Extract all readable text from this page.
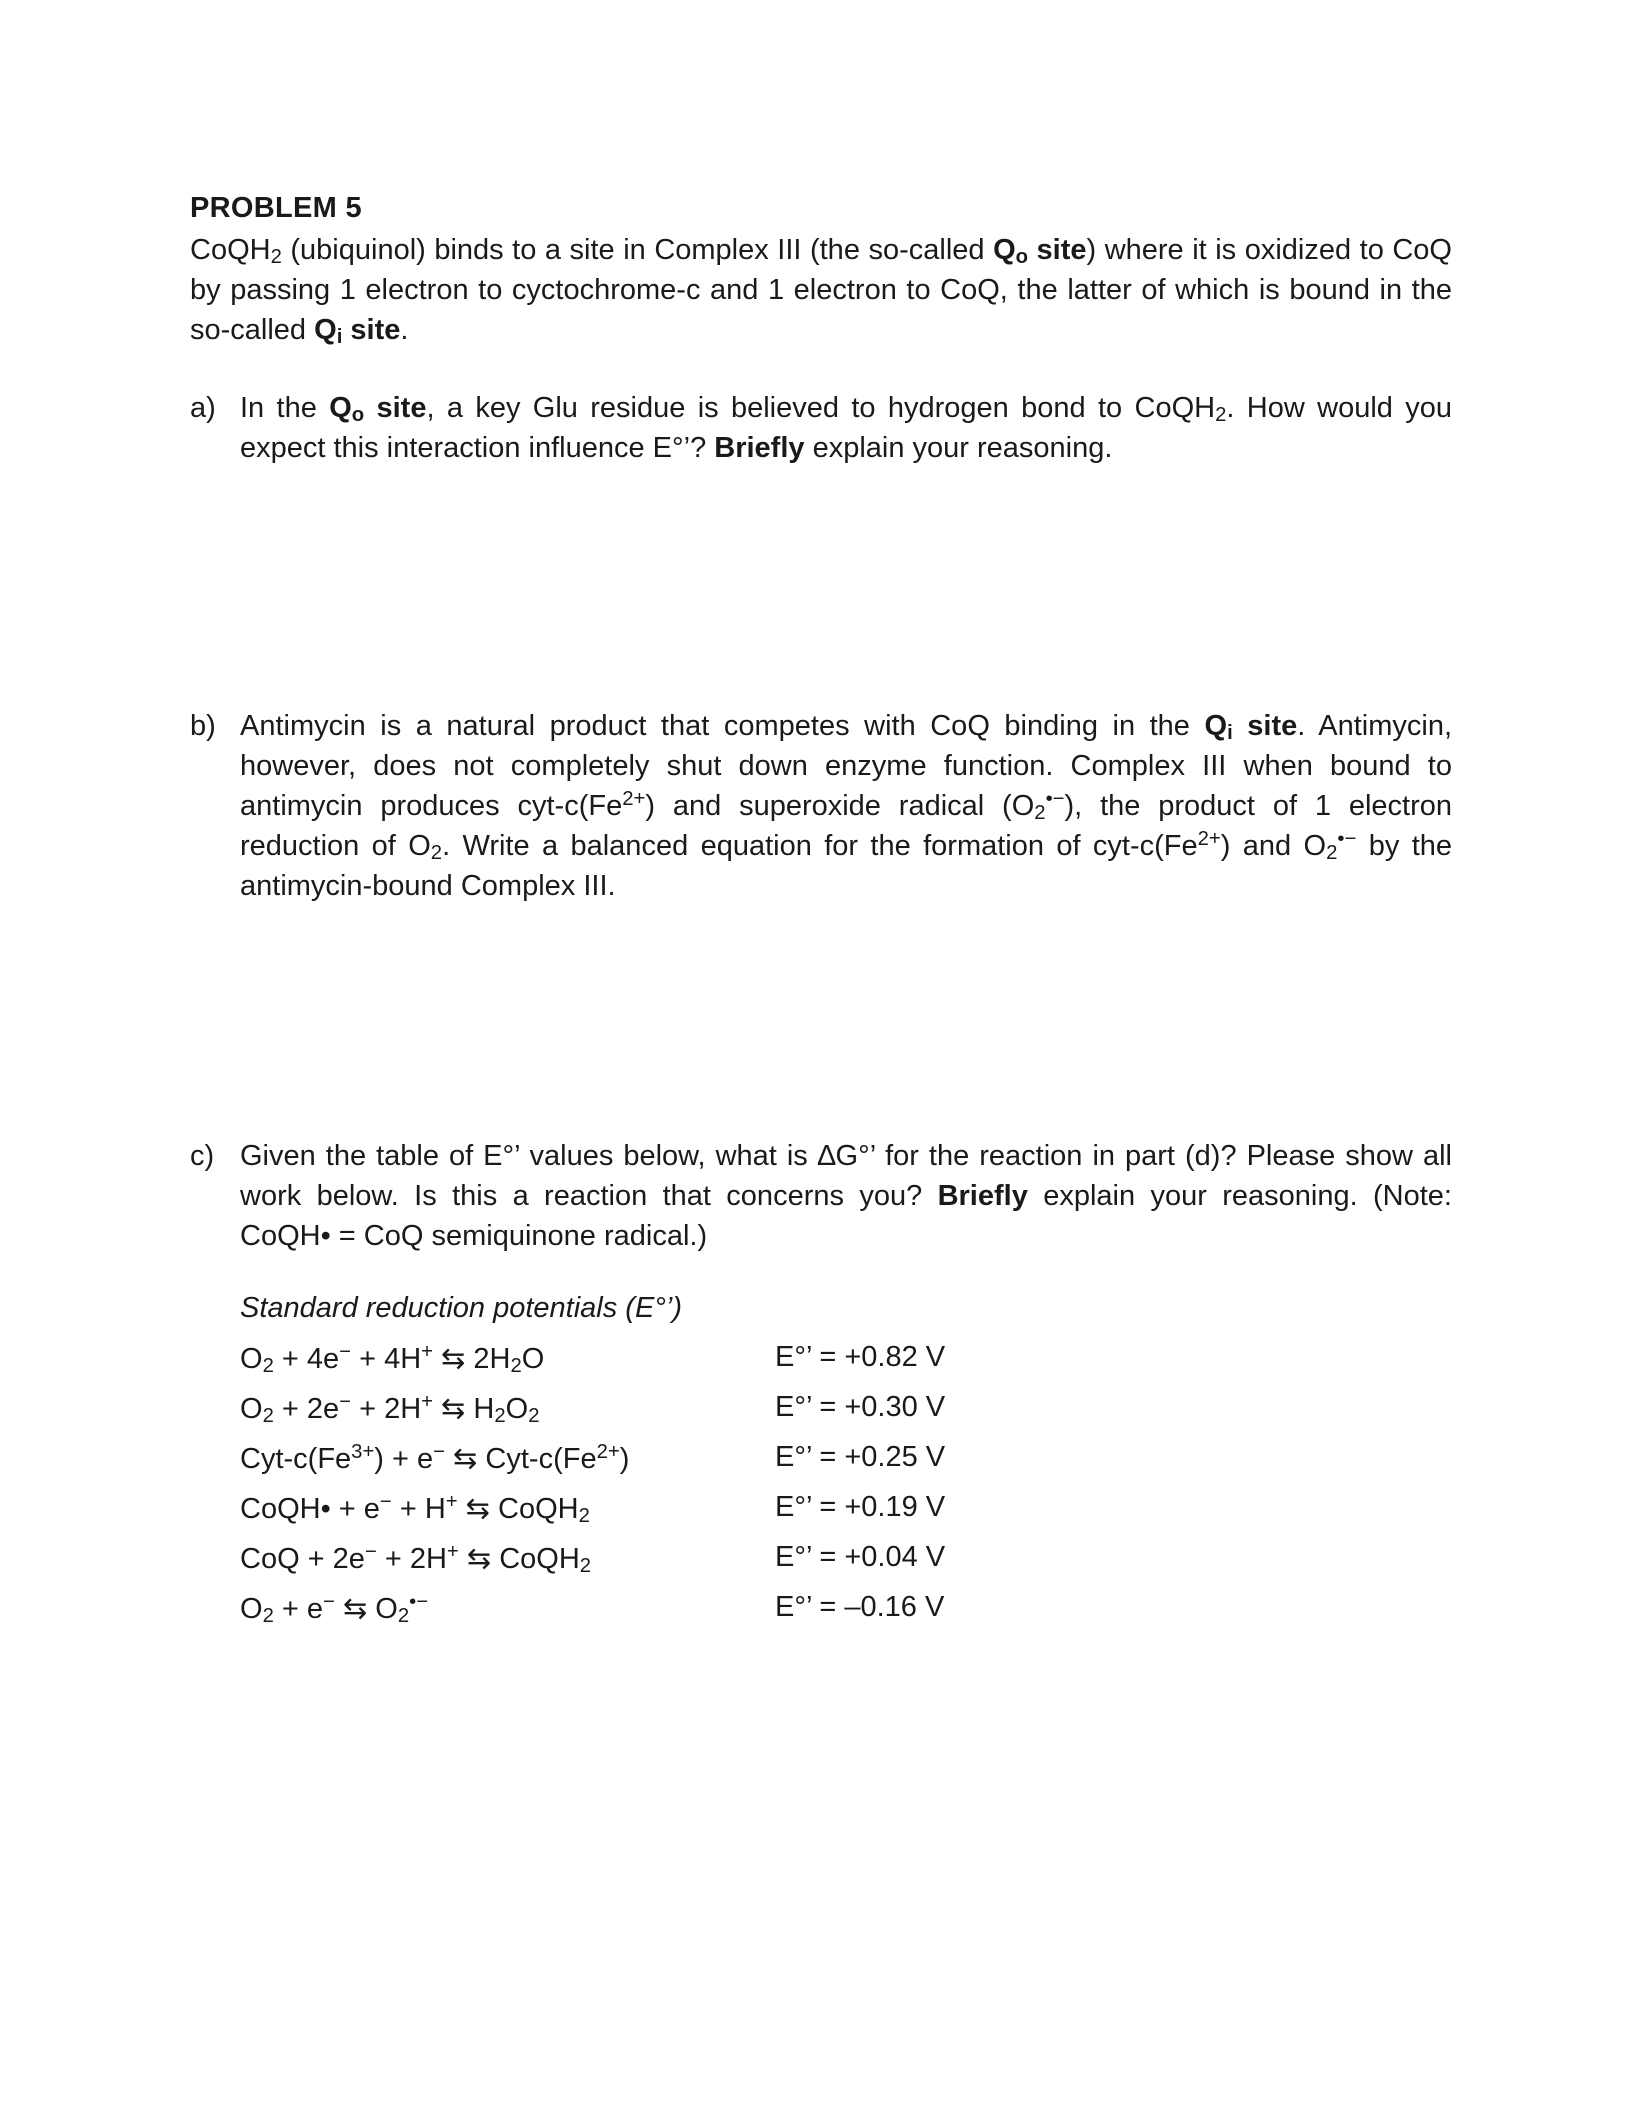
PROBLEM 5
CoQH$_2$ (ubiquinol) binds to a site in Complex III (the so-called $Q_o$ site) where it is oxidized to CoQ by passing 1 electron to cyctochrome-c and 1 electron to CoQ, the latter of which is bound in the so-called $Q_i$ site.
a) In the $Q_o$ site, a key Glu residue is believed to hydrogen bond to CoQH$_2$. How would you expect this interaction influence E°’? Briefly explain your reasoning.
b) Antimycin is a natural product that competes with CoQ binding in the $Q_i$ site. Antimycin, however, does not completely shut down enzyme function. Complex III when bound to antimycin produces cyt-$c(Fe^{2+})$ and superoxide radical $(O_2^{•-})$, the product of 1 electron reduction of $O_2$. Write a balanced equation for the formation of cyt-$c(Fe^{2+})$ and $O_2^{•-}$ by the antimycin-bound Complex III.
c) Given the table of E°’ values below, what is ∆G°’ for the reaction in part (d)? Please show all work below. Is this a reaction that concerns you? Briefly explain your reasoning. (Note: CoQH• = CoQ semiquinone radical.)
Standard reduction potentials (E°’)
$O_2 + 4e^- + 4H^+$ ⇆ $2H_2O$	E°’ = +0.82 V
$O_2 + 2e^- + 2H^+$ ⇆ $H_2O_2$	E°’ = +0.30 V
Cyt-$c(Fe^{3+}) + e^-$ ⇆ Cyt-$c(Fe^{2+})$	E°’ = +0.25 V
CoQH• + e− + H+ ⇆ CoQH$_2$	E°’ = +0.19 V
CoQ + 2e− + 2H+ ⇆ CoQH$_2$	E°’ = +0.04 V
$O_2 + e^-$ ⇆ $O_2^{•-}$	E°’ = –0.16 V
